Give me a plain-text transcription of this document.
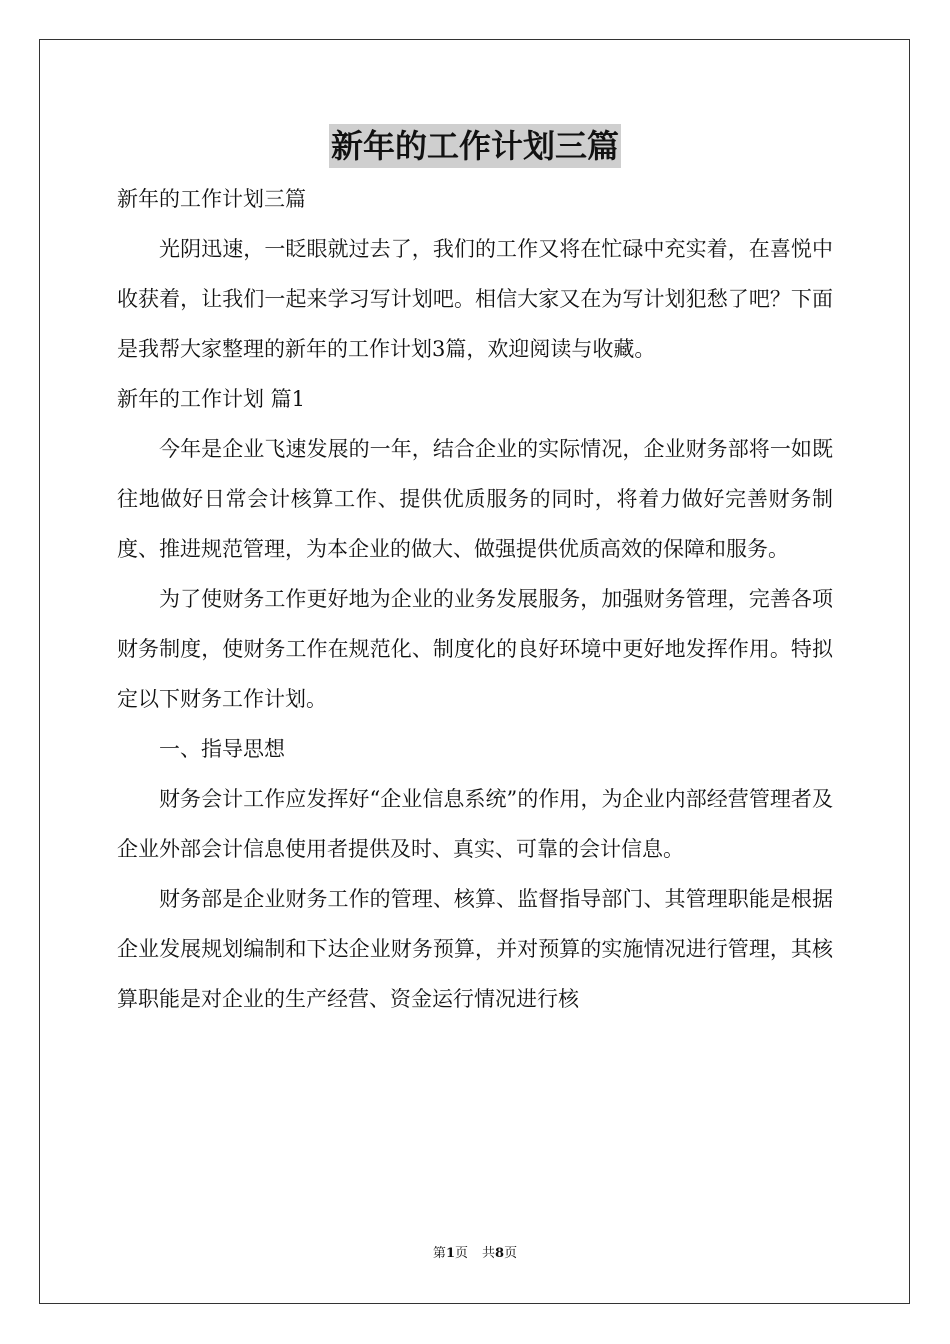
新年的工作计划三篇

新年的工作计划三篇

光阴迅速，一眨眼就过去了，我们的工作又将在忙碌中充实着，在喜悦中收获着，让我们一起来学习写计划吧。相信大家又在为写计划犯愁了吧？下面是我帮大家整理的新年的工作计划3篇，欢迎阅读与收藏。

新年的工作计划 篇1

今年是企业飞速发展的一年，结合企业的实际情况，企业财务部将一如既往地做好日常会计核算工作、提供优质服务的同时，将着力做好完善财务制度、推进规范管理，为本企业的做大、做强提供优质高效的保障和服务。

为了使财务工作更好地为企业的业务发展服务，加强财务管理，完善各项财务制度，使财务工作在规范化、制度化的良好环境中更好地发挥作用。特拟定以下财务工作计划。

一、指导思想

财务会计工作应发挥好“企业信息系统”的作用，为企业内部经营管理者及企业外部会计信息使用者提供及时、真实、可靠的会计信息。

财务部是企业财务工作的管理、核算、监督指导部门、其管理职能是根据企业发展规划编制和下达企业财务预算，并对预算的实施情况进行管理，其核算职能是对企业的生产经营、资金运行情况进行核

第1页 共8页
